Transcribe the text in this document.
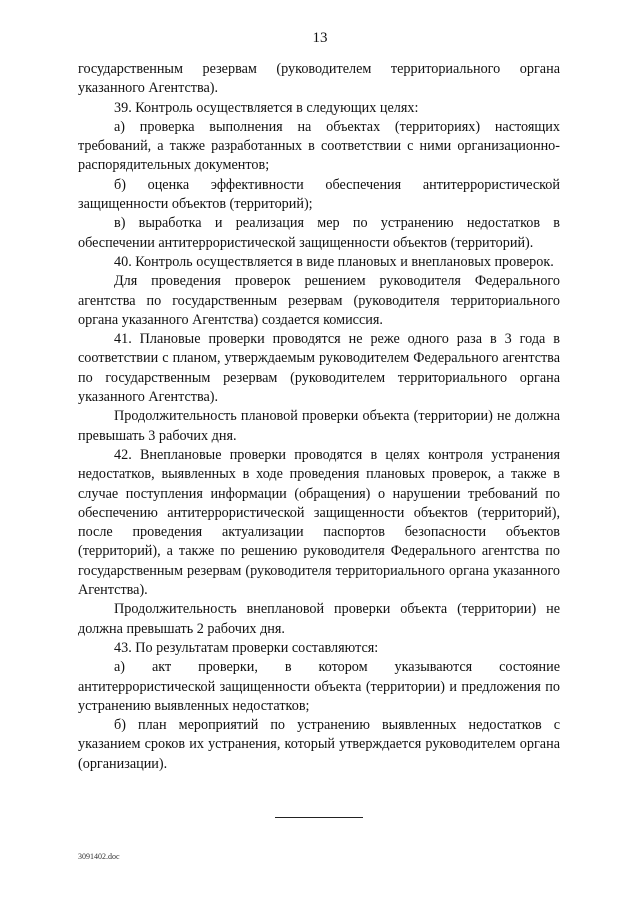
13

государственным резервам (руководителем территориального органа указанного Агентства).

39. Контроль осуществляется в следующих целях:

а) проверка выполнения на объектах (территориях) настоящих требований, а также разработанных в соответствии с ними организационно-распорядительных документов;

б) оценка эффективности обеспечения антитеррористической защищенности объектов (территорий);

в) выработка и реализация мер по устранению недостатков в обеспечении антитеррористической защищенности объектов (территорий).

40. Контроль осуществляется в виде плановых и внеплановых проверок.

Для проведения проверок решением руководителя Федерального агентства по государственным резервам (руководителя территориального органа указанного Агентства) создается комиссия.

41. Плановые проверки проводятся не реже одного раза в 3 года в соответствии с планом, утверждаемым руководителем Федерального агентства по государственным резервам (руководителем территориального органа указанного Агентства).

Продолжительность плановой проверки объекта (территории) не должна превышать 3 рабочих дня.

42. Внеплановые проверки проводятся в целях контроля устранения недостатков, выявленных в ходе проведения плановых проверок, а также в случае поступления информации (обращения) о нарушении требований по обеспечению антитеррористической защищенности объектов (территорий), после проведения актуализации паспортов безопасности объектов (территорий), а также по решению руководителя Федерального агентства по государственным резервам (руководителя территориального органа указанного Агентства).

Продолжительность внеплановой проверки объекта (территории) не должна превышать 2 рабочих дня.

43. По результатам проверки составляются:

а) акт проверки, в котором указываются состояние антитеррористической защищенности объекта (территории) и предложения по устранению выявленных недостатков;

б) план мероприятий по устранению выявленных недостатков с указанием сроков их устранения, который утверждается руководителем органа (организации).

3091402.doc
